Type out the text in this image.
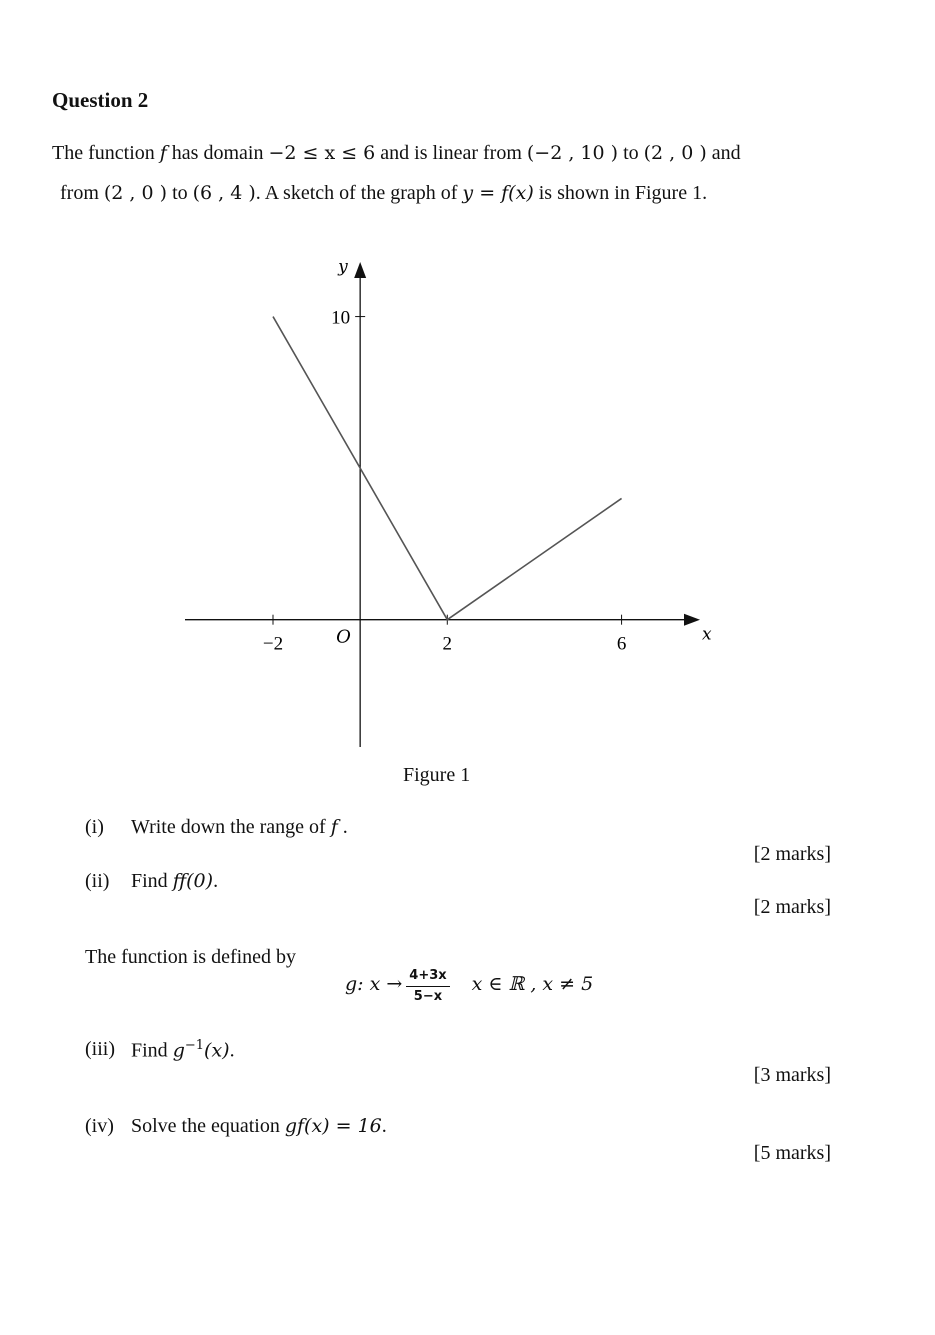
Question 2
The function f has domain −2 ≤ x ≤ 6 and is linear from (−2 , 10 ) to (2 , 0 ) and
from (2 , 0 ) to (6 , 4 ). A sketch of the graph of y = f(x) is shown in Figure 1.
x
y
O
−2	2	6
10
Figure 1
(i) Write down the range of f .
[2 marks]
(ii) Find ff(0).
[2 marks]
The function is defined by
g: $x \to \frac{4+3x}{5-x}$ x ∈ ℝ , x ≠ 5
(iii) Find $g^{-1}(x)$.
[3 marks]
(iv) Solve the equation gf(x) = 16.
[5 marks]
